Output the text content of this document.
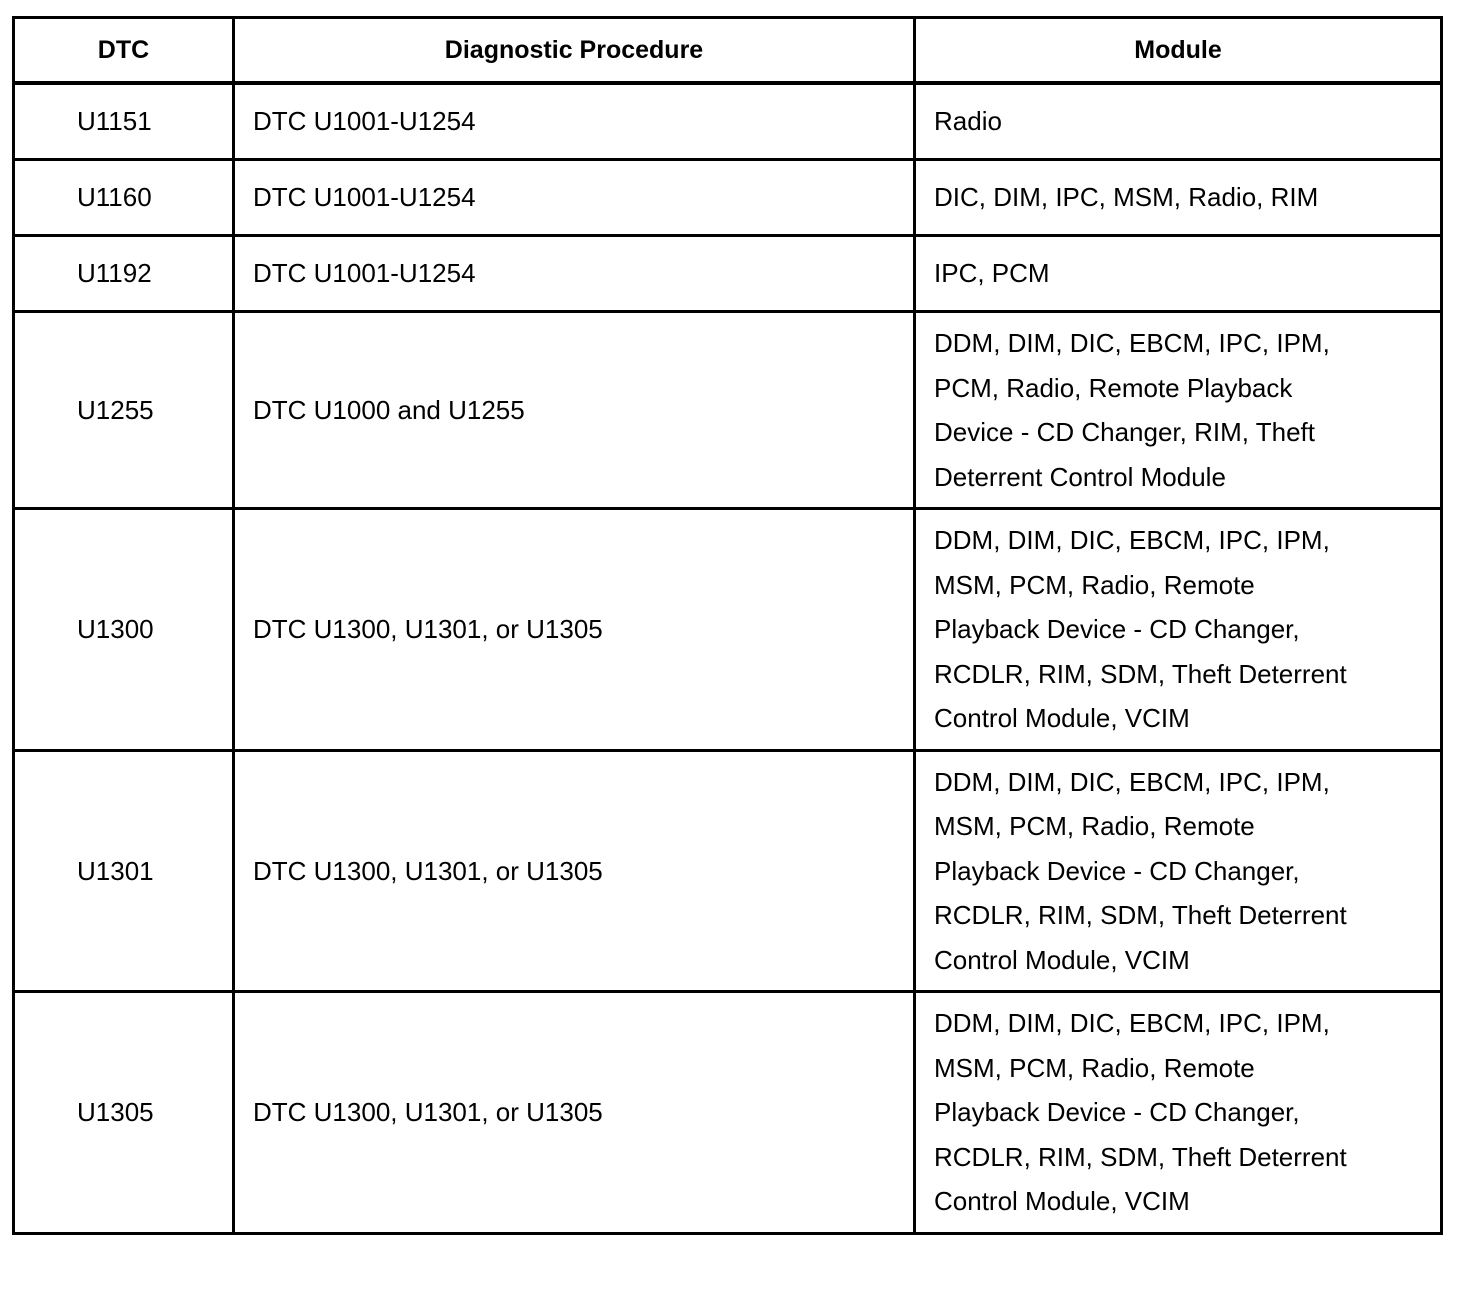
DTC	Diagnostic Procedure	Module
U1151	DTC U1001-U1254	Radio

U1160	DTC U1001-U1254	DIC, DIM, IPC, MSM, Radio, RIM

U1192	DTC U1001-U1254	IPC, PCM

U1255	DTC U1000 and U1255	DDM, DIM, DIC, EBCM, IPC, IPM,
PCM, Radio, Remote Playback
Device - CD Changer, RIM, Theft
Deterrent Control Module

U1300	DTC U1300, U1301, or U1305	DDM, DIM, DIC, EBCM, IPC, IPM,
MSM, PCM, Radio, Remote
Playback Device - CD Changer,
RCDLR, RIM, SDM, Theft Deterrent
Control Module, VCIM

U1301	DTC U1300, U1301, or U1305	DDM, DIM, DIC, EBCM, IPC, IPM,
MSM, PCM, Radio, Remote
Playback Device - CD Changer,
RCDLR, RIM, SDM, Theft Deterrent
Control Module, VCIM

U1305	DTC U1300, U1301, or U1305	DDM, DIM, DIC, EBCM, IPC, IPM,
MSM, PCM, Radio, Remote
Playback Device - CD Changer,
RCDLR, RIM, SDM, Theft Deterrent
Control Module, VCIM
